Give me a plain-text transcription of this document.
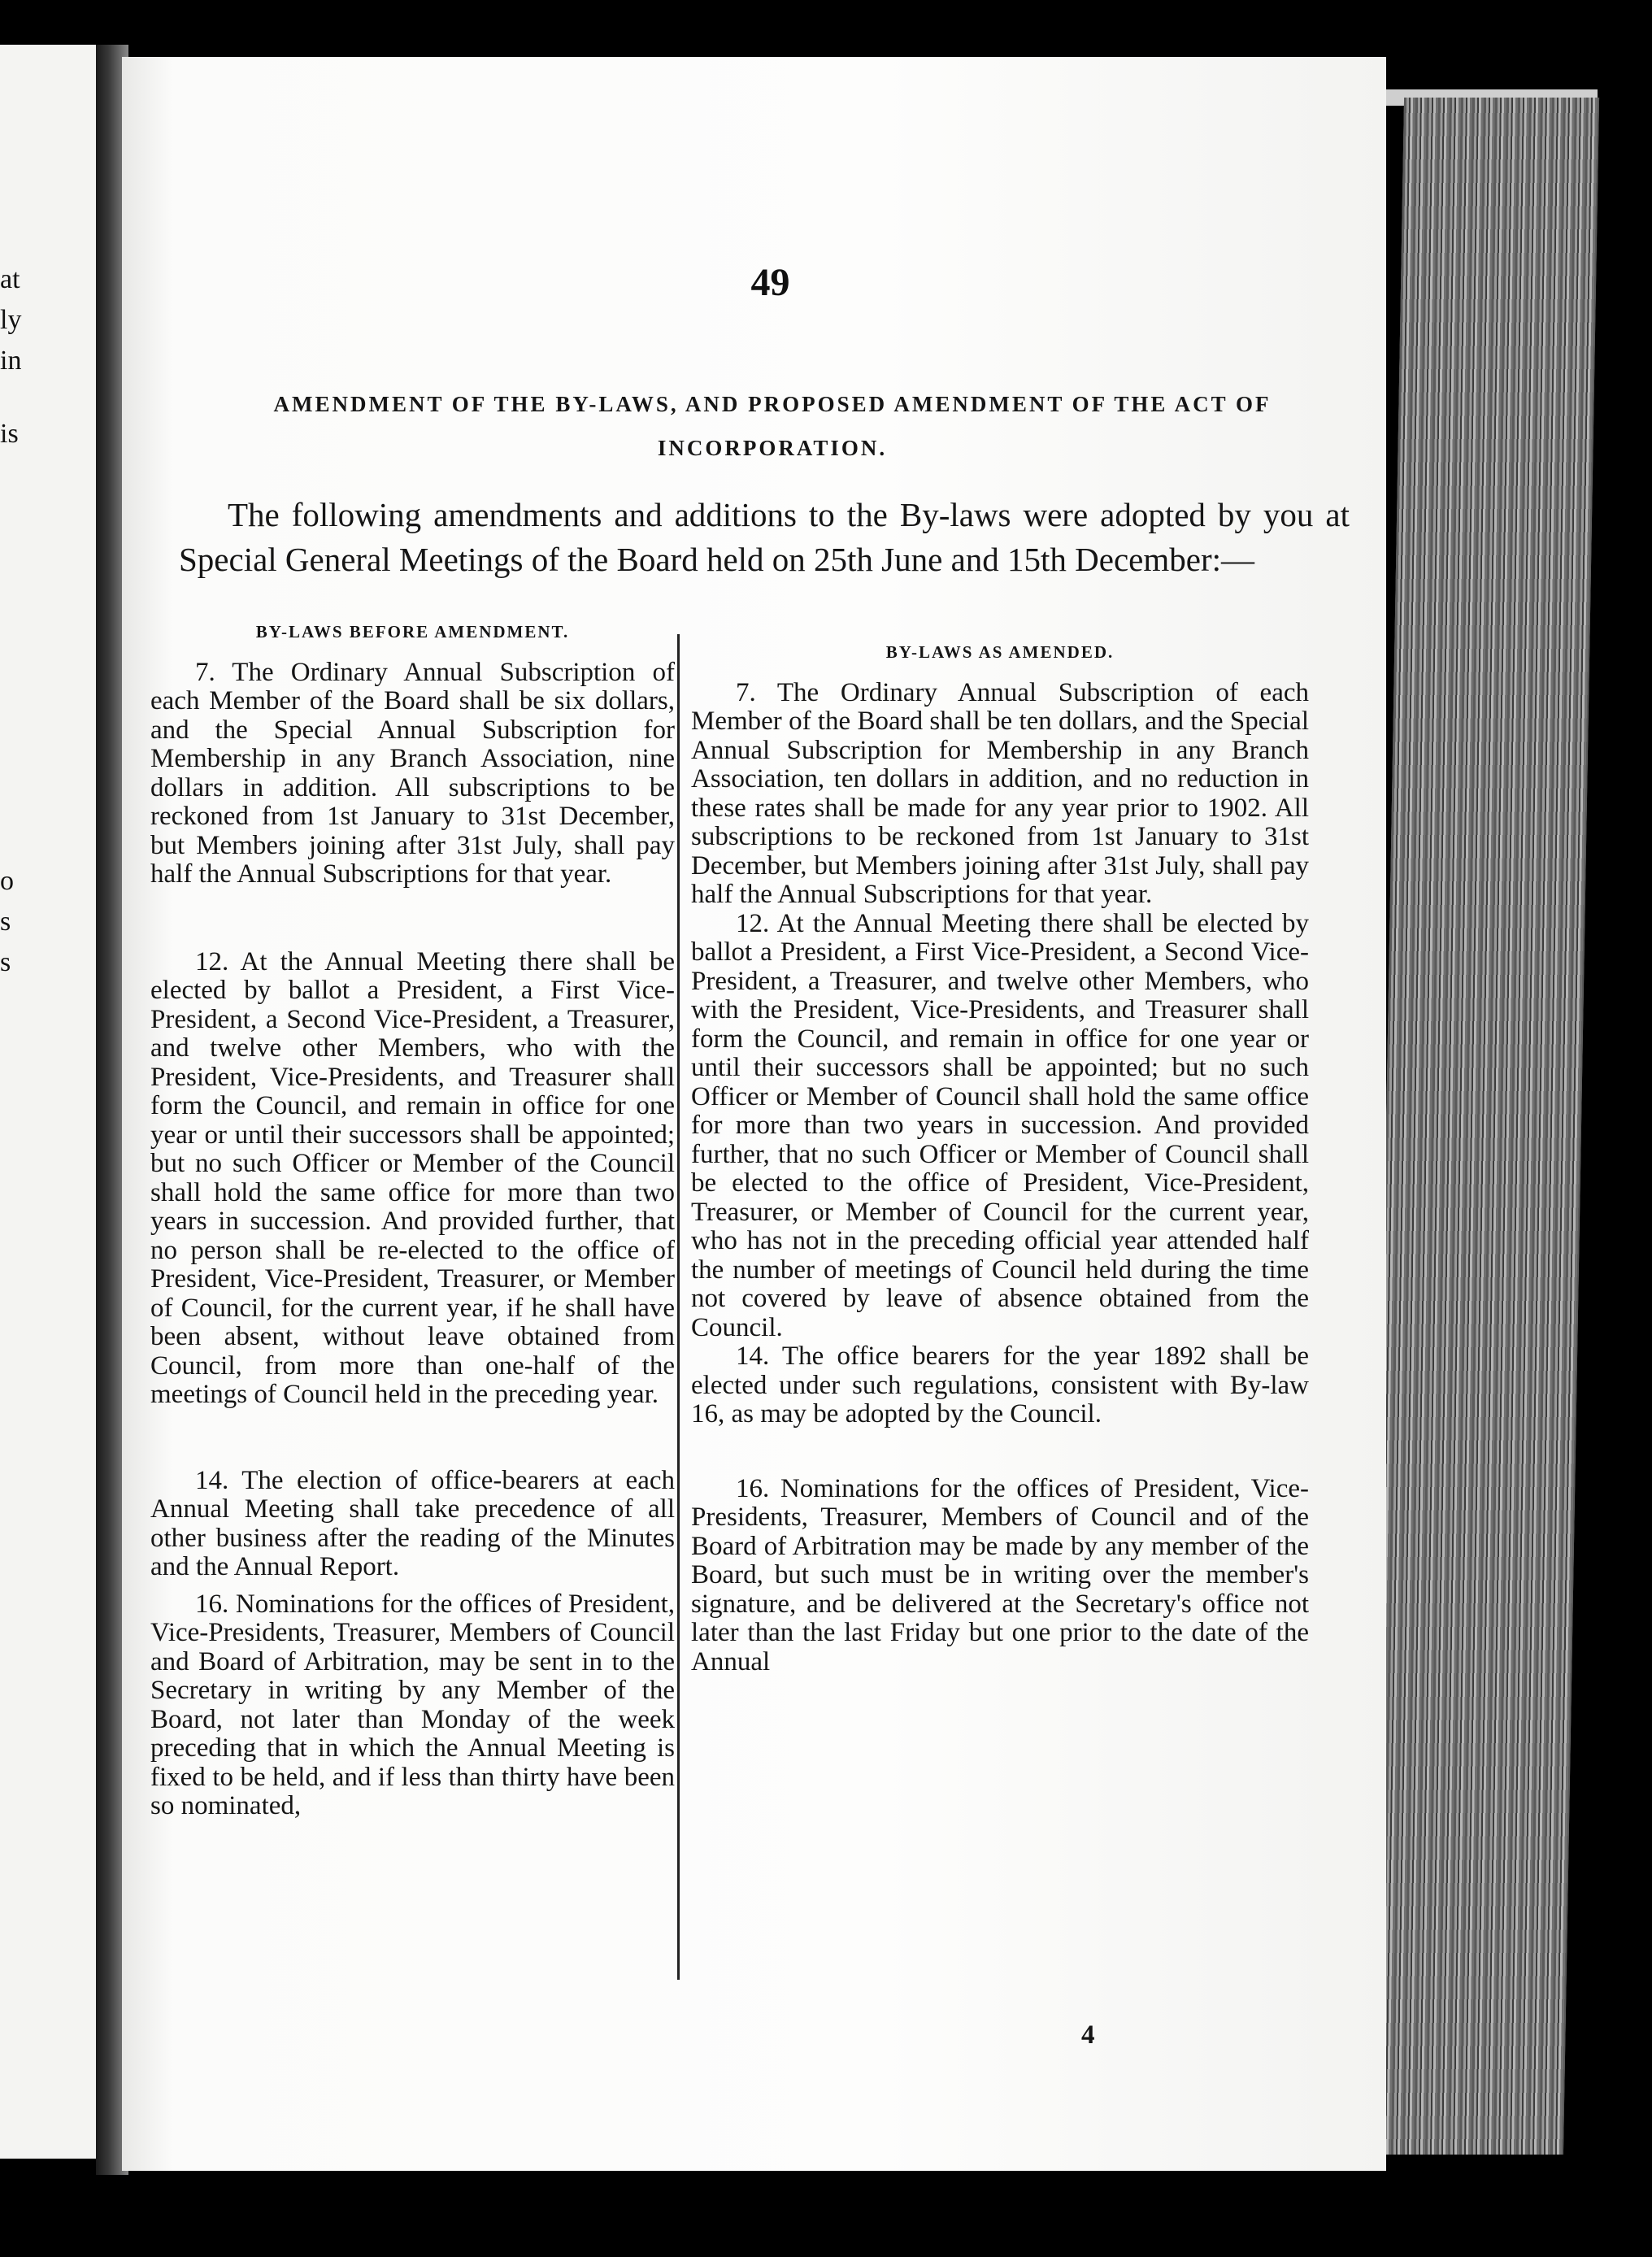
at
ly
in
is
o
s
s
49
AMENDMENT OF THE BY-LAWS, AND PROPOSED AMENDMENT OF THE ACT OF INCORPORATION.

The following amendments and additions to the By-laws were adopted by you at Special General Meetings of the Board held on 25th June and 15th December:—

BY-LAWS BEFORE AMENDMENT.

7. The Ordinary Annual Subscription of each Member of the Board shall be six dollars, and the Special Annual Subscription for Membership in any Branch Association, nine dollars in addition. All subscriptions to be reckoned from 1st January to 31st December, but Members joining after 31st July, shall pay half the Annual Subscriptions for that year.

12. At the Annual Meeting there shall be elected by ballot a President, a First Vice-President, a Second Vice-President, a Treasurer, and twelve other Members, who with the President, Vice-Presidents, and Treasurer shall form the Council, and remain in office for one year or until their successors shall be appointed; but no such Officer or Member of the Council shall hold the same office for more than two years in succession. And provided further, that no person shall be re-elected to the office of President, Vice-President, Treasurer, or Member of Council, for the current year, if he shall have been absent, without leave obtained from Council, from more than one-half of the meetings of Council held in the preceding year.

14. The election of office-bearers at each Annual Meeting shall take precedence of all other business after the reading of the Minutes and the Annual Report.

16. Nominations for the offices of President, Vice-Presidents, Treasurer, Members of Council and Board of Arbitration, may be sent in to the Secretary in writing by any Member of the Board, not later than Monday of the week preceding that in which the Annual Meeting is fixed to be held, and if less than thirty have been so nominated,

BY-LAWS AS AMENDED.

7. The Ordinary Annual Subscription of each Member of the Board shall be ten dollars, and the Special Annual Subscription for Membership in any Branch Association, ten dollars in addition, and no reduction in these rates shall be made for any year prior to 1902. All subscriptions to be reckoned from 1st January to 31st December, but Members joining after 31st July, shall pay half the Annual Subscriptions for that year.

12. At the Annual Meeting there shall be elected by ballot a President, a First Vice-President, a Second Vice-President, a Treasurer, and twelve other Members, who with the President, Vice-Presidents, and Treasurer shall form the Council, and remain in office for one year or until their successors shall be appointed; but no such Officer or Member of Council shall hold the same office for more than two years in succession. And provided further, that no such Officer or Member of Council shall be elected to the office of President, Vice-President, Treasurer, or Member of Council for the current year, who has not in the preceding official year attended half the number of meetings of Council held during the time not covered by leave of absence obtained from the Council.

14. The office bearers for the year 1892 shall be elected under such regulations, consistent with By-law 16, as may be adopted by the Council.

16. Nominations for the offices of President, Vice-Presidents, Treasurer, Members of Council and of the Board of Arbitration may be made by any member of the Board, but such must be in writing over the member's signature, and be delivered at the Secretary's office not later than the last Friday but one prior to the date of the Annual

4
